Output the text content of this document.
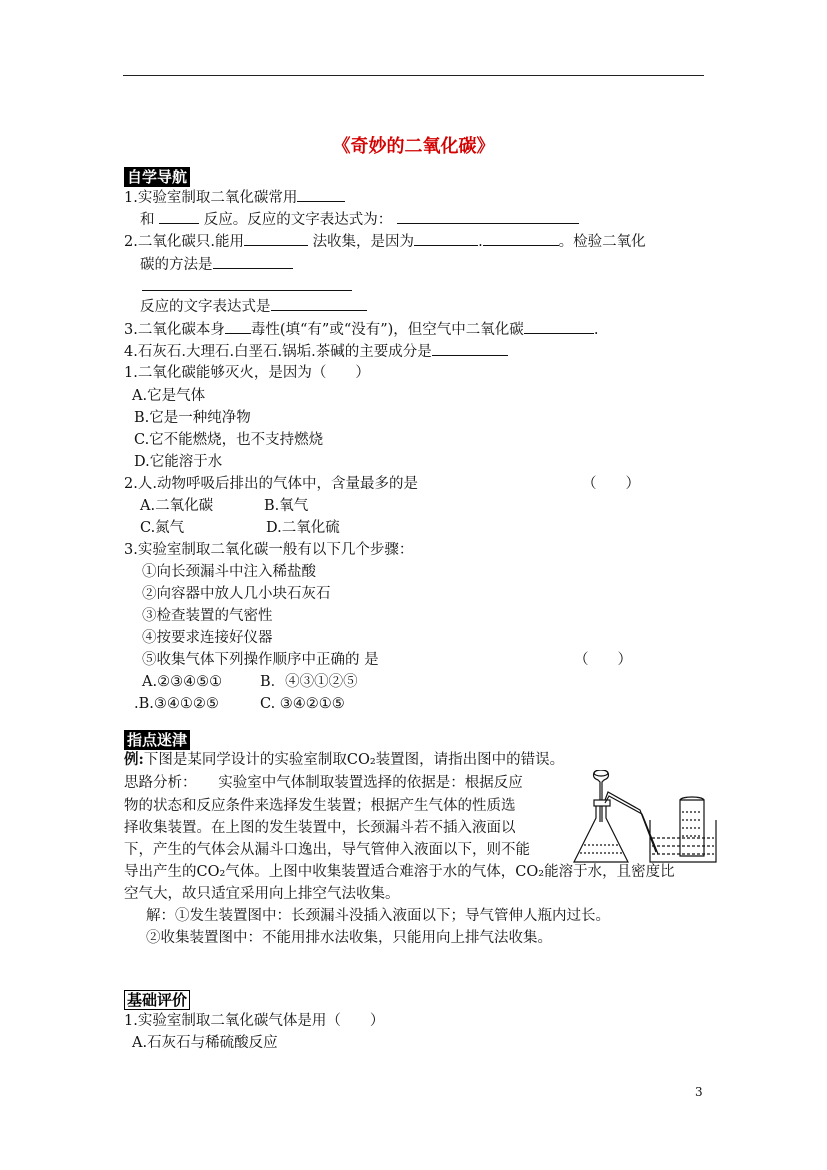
《奇妙的二氧化碳》
自学导航
1.实验室制取二氧化碳常用
和	反应。反应的文字表达式为：
2.二氧化碳只.能用	法收集，是因为	.	。检验二氧化
碳的方法是
反应的文字表达式是
3.二氧化碳本身 毒性(填“有”或“没有”)，但空气中二氧化碳	.
4.石灰石.大理石.白垩石.锅垢.茶碱的主要成分是
1.二氧化碳能够灭火，是因为（　　）
A.它是气体
B.它是一种纯净物
C.它不能燃烧，也不支持燃烧
D.它能溶于水
2.人.动物呼吸后排出的气体中，含量最多的是	（　　）
A.二氧化碳	B.氧气
C.氮气	D.二氧化硫
3.实验室制取二氧化碳一般有以下几个步骤：
①向长颈漏斗中注入稀盐酸
②向容器中放人几小块石灰石
③检查装置的气密性
④按要求连接好仪器
⑤收集气体下列操作顺序中正确的 是	（　　）
A.②③④⑤①	B．④③①②⑤
.B.③④①②⑤	C. ③④②①⑤
指点迷津
例:下图是某同学设计的实验室制取CO₂装置图，请指出图中的错误。
思路分析：　　实验室中气体制取装置选择的依据是：根据反应
物的状态和反应条件来选择发生装置；根据产生气体的性质选
择收集装置。在上图的发生装置中，长颈漏斗若不插入液面以
下，产生的气体会从漏斗口逸出，导气管伸入液面以下，则不能
导出产生的CO₂气体。上图中收集装置适合难溶于水的气体，CO₂能溶于水，且密度比
空气大，故只适宜采用向上排空气法收集。
解：①发生装置图中：长颈漏斗没插入液面以下；导气管伸人瓶内过长。
②收集装置图中：不能用排水法收集，只能用向上排气法收集。
基础评价
1.实验室制取二氧化碳气体是用（　　）
A.石灰石与稀硫酸反应
3
